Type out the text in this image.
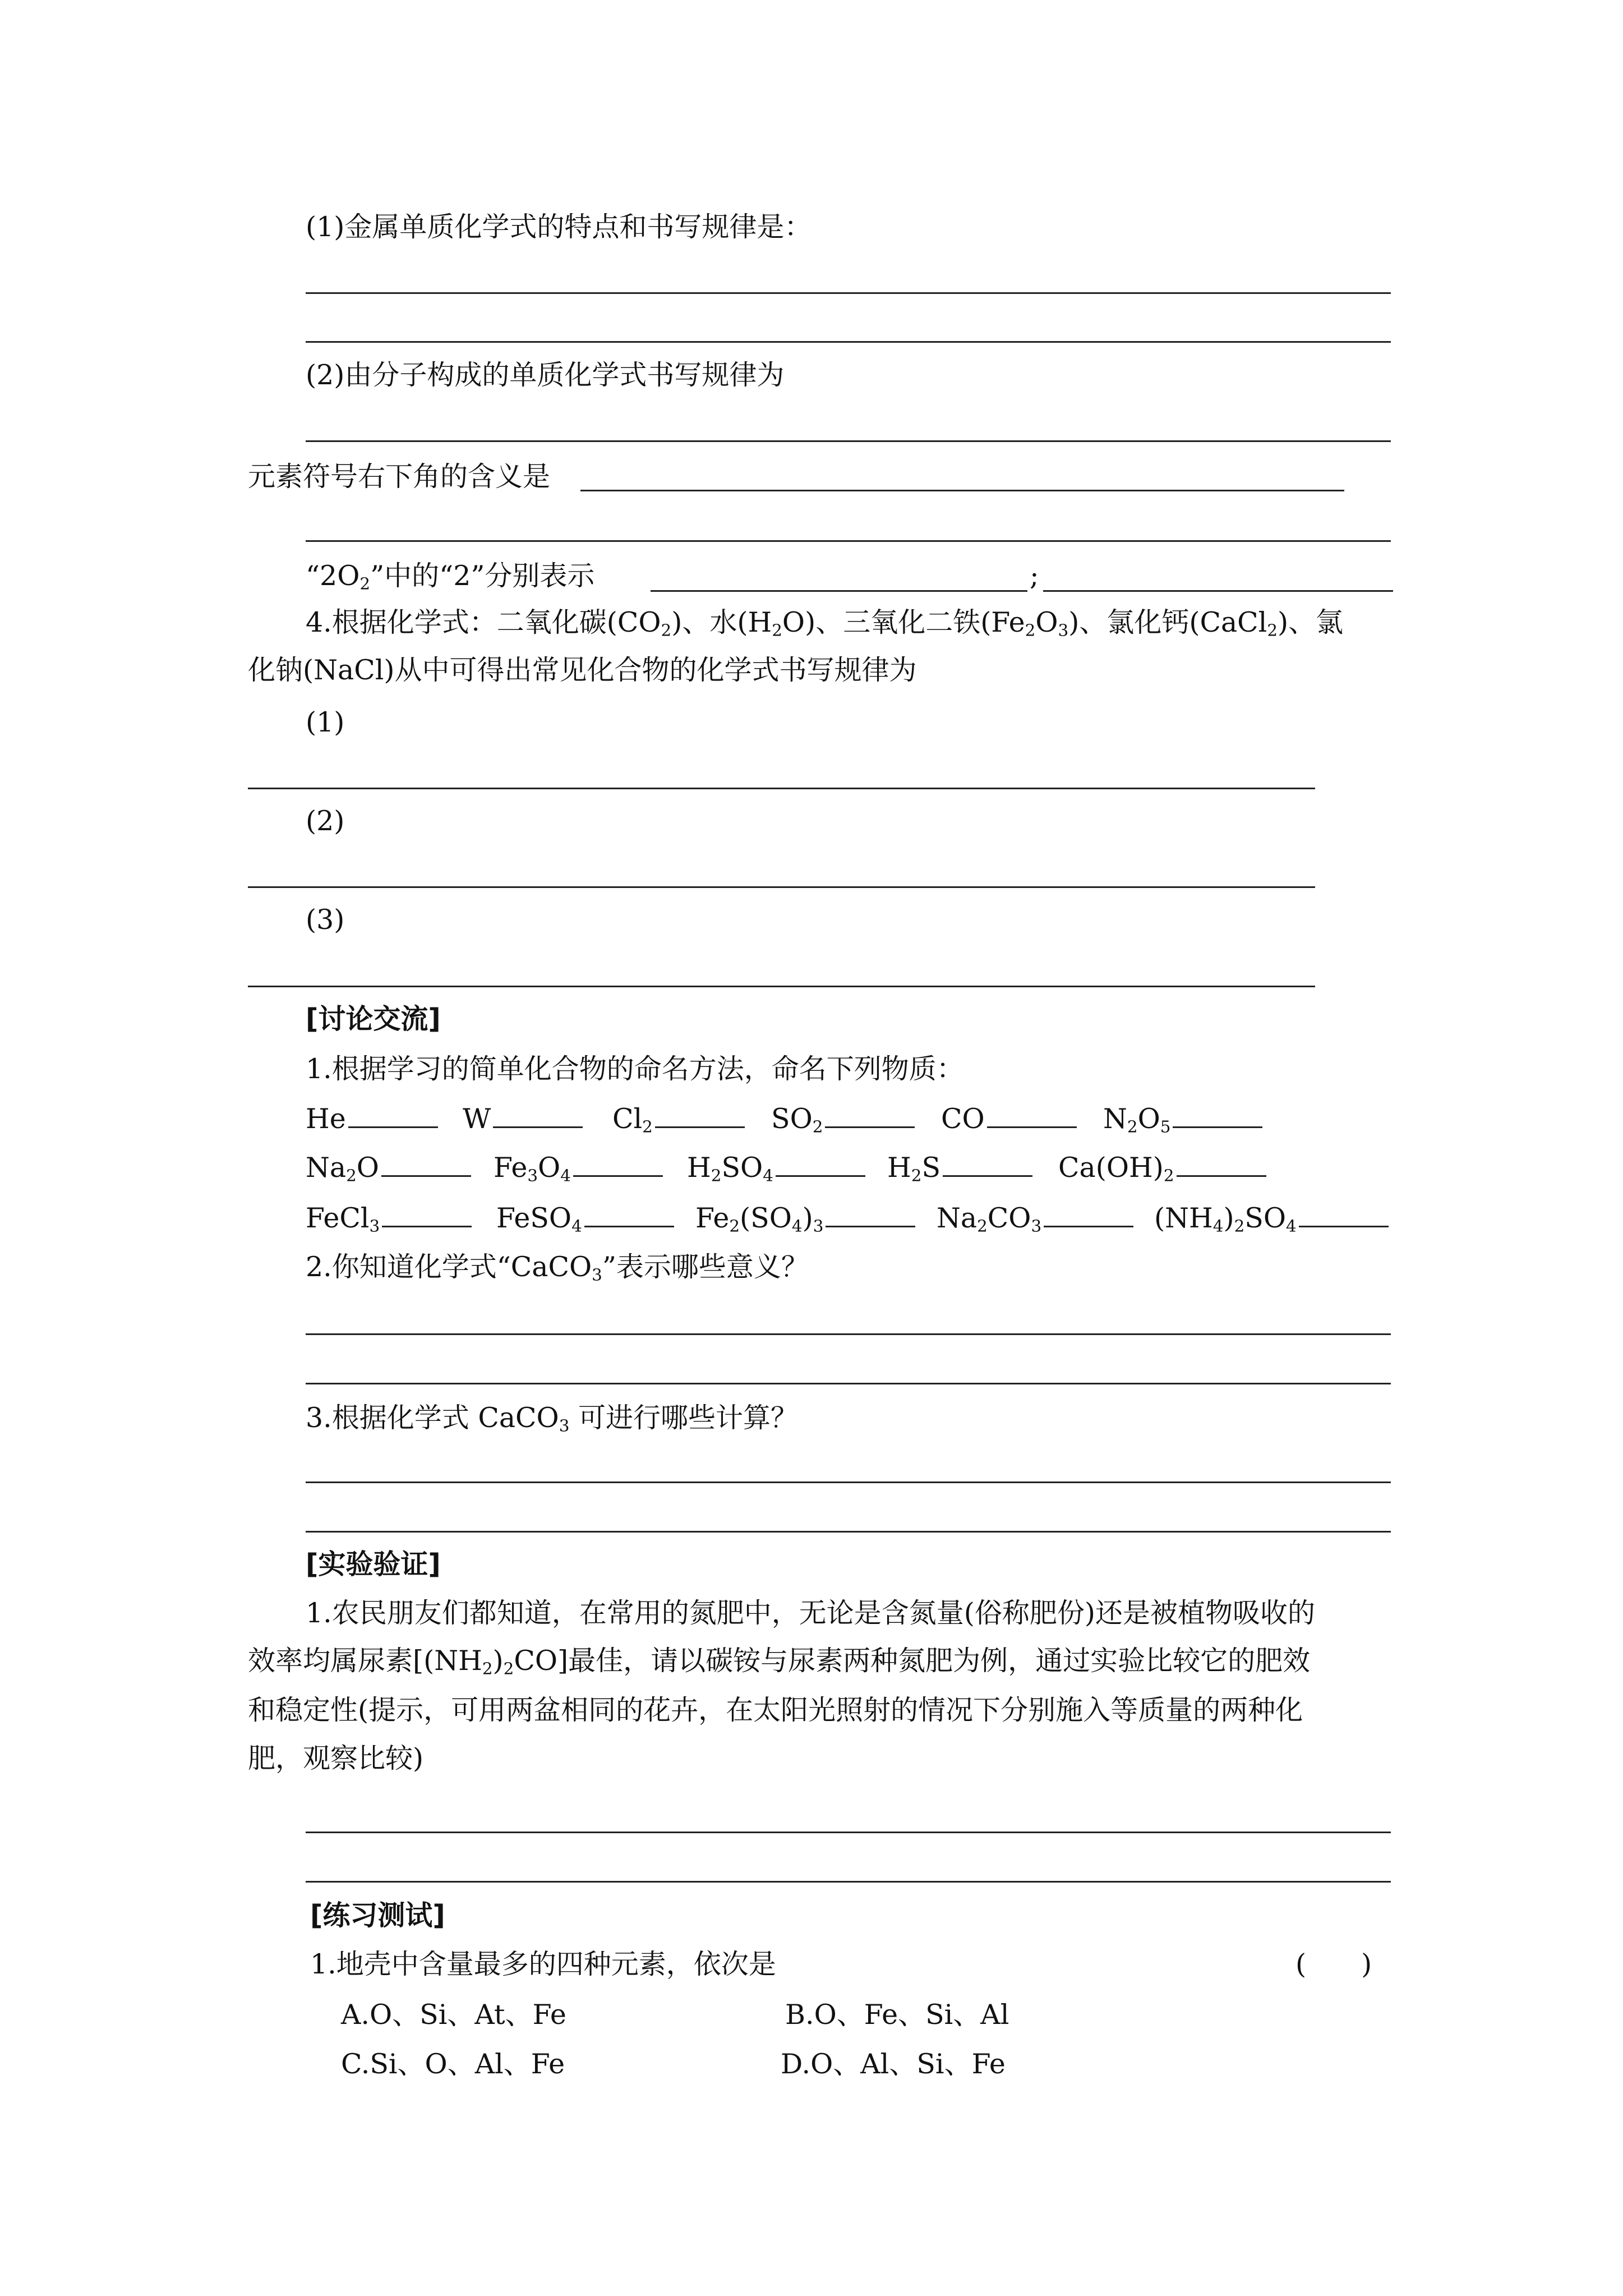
(1)金属单质化学式的特点和书写规律是：
(2)由分子构成的单质化学式书写规律为
元素符号右下角的含义是
“$2O_2$”中的“2”分别表示	;
4.根据化学式：二氧化碳$(CO_2)$、水$(H_2O)$、三氧化二铁$(Fe_2O_3)$、氯化钙(CaCl$_2$)、氯
化钠(NaCl)从中可得出常见化合物的化学式书写规律为
(1)
(2)
(3)
[讨论交流]
1.根据学习的简单化合物的命名方法，命名下列物质：
He	W	$Cl_2$	$SO_2$	CO	$N_2O_5$
$Na_2O$	$Fe_3O_4$	$H_2SO_4$	$H_2S$	$Ca(OH)_2$
FeCl$_3$	FeSO$_4$	$Fe_2(SO_4)_3$	$Na_2CO_3$	$(NH_4)_2SO_4$
2.你知道化学式“CaCO$_3$”表示哪些意义？
3.根据化学式 CaCO$_3$ 可进行哪些计算？
[实验验证]
1.农民朋友们都知道，在常用的氮肥中，无论是含氮量(俗称肥份)还是被植物吸收的
效率均属尿素$[(NH_2)_2CO]$最佳，请以碳铵与尿素两种氮肥为例，通过实验比较它的肥效
和稳定性(提示，可用两盆相同的花卉，在太阳光照射的情况下分别施入等质量的两种化
肥，观察比较)
[练习测试]
1.地壳中含量最多的四种元素，依次是	(　　)
A.O、Si、At、Fe	B.O、Fe、Si、Al
C.Si、O、Al、Fe	D.O、Al、Si、Fe
